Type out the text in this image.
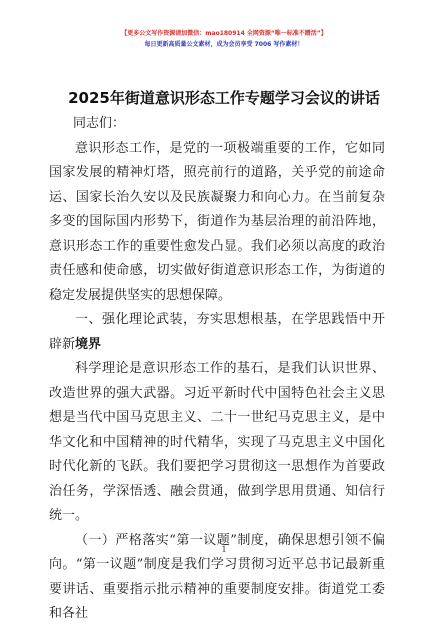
【更多公文写作资源请加微信：mao180914 全网资源“唯一标准不蹭活”】
每日更新高质量公文素材，成为会员享受 7006 写作素材！
2025年街道意识形态工作专题学习会议的讲话

同志们：

意识形态工作，是党的一项极端重要的工作，它如同国家发展的精神灯塔，照亮前行的道路，关乎党的前途命运、国家长治久安以及民族凝聚力和向心力。在当前复杂多变的国际国内形势下，街道作为基层治理的前沿阵地，意识形态工作的重要性愈发凸显。我们必须以高度的政治责任感和使命感，切实做好街道意识形态工作，为街道的稳定发展提供坚实的思想保障。

一、强化理论武装，夯实思想根基，在学思践悟中开辟新境界

科学理论是意识形态工作的基石，是我们认识世界、改造世界的强大武器。习近平新时代中国特色社会主义思想是当代中国马克思主义、二十一世纪马克思主义，是中华文化和中国精神的时代精华，实现了马克思主义中国化时代化新的飞跃。我们要把学习贯彻这一思想作为首要政治任务，学深悟透、融会贯通，做到学思用贯通、知信行统一。

（一）严格落实“第一议题”制度，确保思想引领不偏向。“第一议题”制度是我们学习贯彻习近平总书记最新重要讲话、重要指示批示精神的重要制度安排。街道党工委和各社

1
